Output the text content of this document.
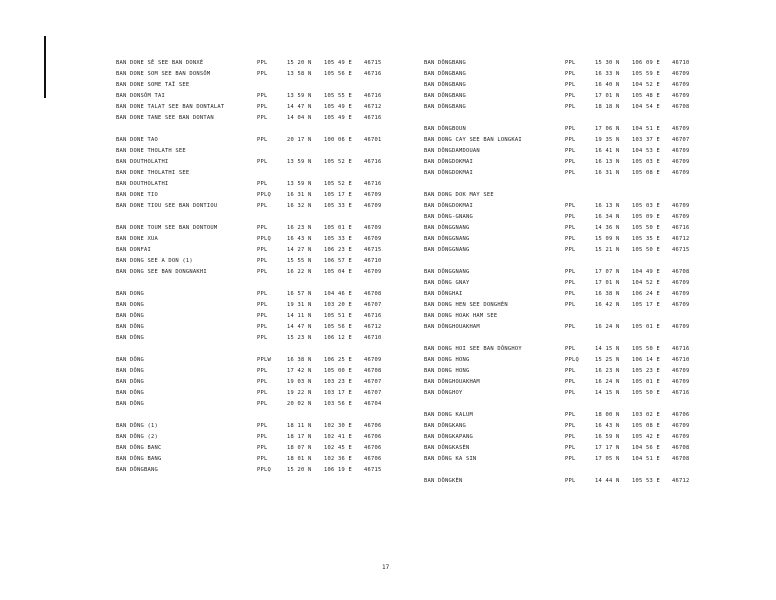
BAN DONE SÊ SEE BAN DONXÉ	PPL	15 20 N 105 49 E 46715
BAN DONE SOM SEE BAN DONSÔM	PPL	13 58 N 105 56 E 46716
BAN DONE SOME TAÏ SEE
BAN DONSÔM TAI	PPL	13 59 N 105 55 E 46716
BAN DONE TALAT SEE BAN DONTALAT	PPL	14 47 N 105 49 E 46712
BAN DONE TANE SEE BAN DONTAN	PPL	14 04 N 105 49 E 46716
BAN DONE TAO	PPL	20 17 N 100 06 E 46701
BAN DONE THOLATH SEE
BAN DOUTHOLATHI	PPL	13 59 N 105 52 E 46716
BAN DONE THOLATHI SEE
BAN DOUTHOLATHI	PPL	13 59 N 105 52 E 46716
BAN DONE TIO	PPLQ	16 31 N 105 17 E 46709
BAN DONE TIOU SEE BAN DONTIOU	PPL	16 32 N 105 33 E 46709
BAN DONE TOUM SEE BAN DONTOUM	PPL	16 23 N 105 01 E 46709
BAN DONE XUA	PPLQ	16 43 N 105 33 E 46709
BAN DONFAI	PPL	14 27 N 106 23 E 46715
BAN DONG SEE A DON (1)	PPL	15 55 N 106 57 E 46710
BAN DONG SEE BAN DONGNAKHI	PPL	16 22 N 105 04 E 46709
BAN DONG	PPL	16 57 N 104 46 E 46708
BAN DONG	PPL	19 31 N 103 20 E 46707
BAN DÔNG	PPL	14 11 N 105 51 E 46716
BAN DÔNG	PPL	14 47 N 105 56 E 46712
BAN DÔNG	PPL	15 23 N 106 12 E 46710
BAN DÔNG	PPLW	16 38 N 106 25 E 46709
BAN DÔNG	PPL	17 42 N 105 00 E 46708
BAN DÔNG	PPL	19 03 N 103 23 E 46707
BAN DÔNG	PPL	19 22 N 103 17 E 46707
BAN DÔNG	PPL	20 02 N 103 56 E 46704
BAN DÔNG (1)	PPL	18 11 N 102 30 E 46706
BAN DÔNG (2)	PPL	18 17 N 102 41 E 46706
BAN DÔNG BANC	PPL	18 07 N 102 45 E 46706
BAN DÔNG BANG	PPL	18 01 N 102 36 E 46706
BAN DÔNGBANG	PPLQ	15 20 N 106 19 E 46715
BAN DÔNGBANG	PPL	15 30 N 106 09 E 46710
BAN DÔNGBANG	PPL	16 33 N 105 59 E 46709
BAN DÔNGBANG	PPL	16 40 N 104 52 E 46709
BAN DÔNGBANG	PPL	17 01 N 105 48 E 46709
BAN DÔNGBANG	PPL	18 18 N 104 54 E 46708
BAN DÔNGBOUN	PPL	17 06 N 104 51 E 46709
BAN DONG CAY SEE BAN LONGKAI	PPL	19 35 N 103 37 E 46707
BAN DÔNGDAMDOUAN	PPL	16 41 N 104 53 E 46709
BAN DÔNGDOKMAI	PPL	16 13 N 105 03 E 46709
BAN DÔNGDOKMAI	PPL	16 31 N 105 08 E 46709
BAN DONG DOK MAY SEE
BAN DÔNGDOKMAI	PPL	16 13 N 105 03 E 46709
BAN DÔNG-GNANG	PPL	16 34 N 105 09 E 46709
BAN DÔNGGNANG	PPL	14 36 N 105 50 E 46716
BAN DÔNGGNANG	PPL	15 09 N 105 35 E 46712
BAN DÔNGGNANG	PPL	15 21 N 105 50 E 46715
BAN DÔNGGNANG	PPL	17 07 N 104 49 E 46708
BAN DÔNG GNAY	PPL	17 01 N 104 52 E 46709
BAN DÔNGHAI	PPL	16 38 N 106 24 E 46709
BAN DONG HEN SEE DONGHÈN	PPL	16 42 N 105 17 E 46709
BAN DONG HOAK HAM SEE
BAN DÔNGHOUAKHAM	PPL	16 24 N 105 01 E 46709
BAN DONG HOI SEE BAN DÔNGHOY	PPL	14 15 N 105 50 E 46716
BAN DONG HONG	PPLQ	15 25 N 106 14 E 46710
BAN DONG HONG	PPL	16 23 N 105 23 E 46709
BAN DÔNGHOUAKHAM	PPL	16 24 N 105 01 E 46709
BAN DÔNGHOY	PPL	14 15 N 105 50 E 46716
BAN DONG KALUM	PPL	18 00 N 103 02 E 46706
BAN DÔNGKANG	PPL	16 43 N 105 08 E 46709
BAN DÔNGKAPANG	PPL	16 59 N 105 42 E 46709
BAN DÔNGKASÈN	PPL	17 17 N 104 56 E 46708
BAN DÔNG KA SIN	PPL	17 05 N 104 51 E 46708
BAN DÔNGKÈN	PPL	14 44 N 105 53 E 46712
17
